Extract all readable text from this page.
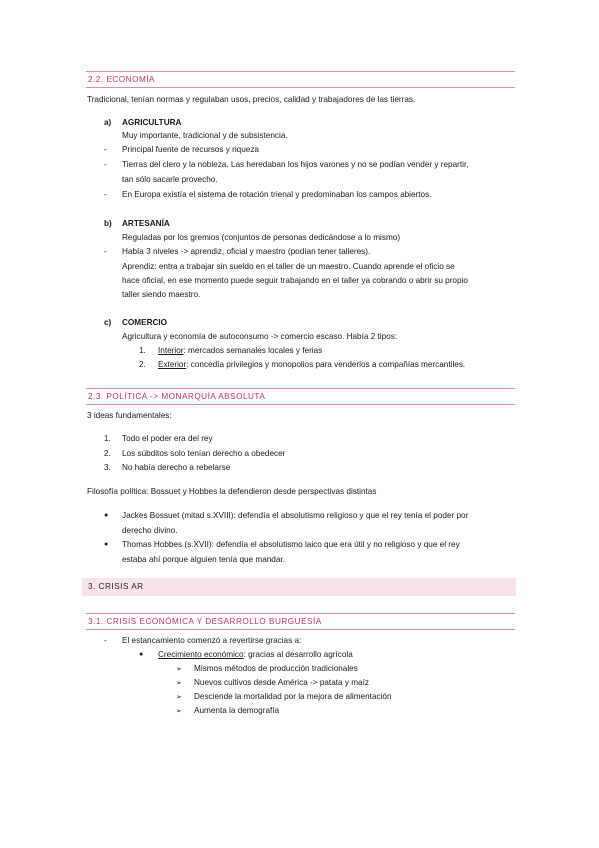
2.2. ECONOMÍA
Tradicional, tenían normas y regulaban usos, precios, calidad y trabajadores de las tierras.
a) AGRICULTURA
Muy importante, tradicional y de subsistencia.
- Principal fuente de recursos y riqueza
- Tierras del clero y la nobleza. Las heredaban los hijos varones y no se podían vender y repartir,
tan sólo sacarle provecho.
- En Europa existía el sistema de rotación trienal y predominaban los campos abiertos.
b) ARTESANÍA
Reguladas por los gremios (conjuntos de personas dedicándose a lo mismo)
- Había 3 niveles -> aprendiz, oficial y maestro (podían tener talleres).
Aprendiz: entra a trabajar sin sueldo en el taller de un maestro. Cuando aprende el oficio se
hace oficial, en ese momento puede seguir trabajando en el taller ya cobrando o abrir su propio
taller siendo maestro.
c) COMERCIO
Agricultura y economía de autoconsumo -> comercio escaso. Había 2 tipos:
1. Interior: mercados semanales locales y ferias
2. Exterior: concedía privilegios y monopolios para venderlos a compañías mercantiles.
2.3. POLÍTICA -> MONARQUÍA ABSOLUTA
3 ideas fundamentales:
1. Todo el poder era del rey
2. Los súbditos solo tenían derecho a obedecer
3. No había derecho a rebelarse
Filosofía política: Bossuet y Hobbes la defendieron desde perspectivas distintas
● Jackes Bossuet (mitad s.XVIII): defendía el absolutismo religioso y que el rey tenía el poder por
derecho divino.
● Thomas Hobbes (s.XVII): defendía el absolutismo laico que era útil y no religioso y que el rey
estaba ahí porque alguien tenía que mandar.
3. CRISIS AR
3.1. CRISIS ECONÓMICA Y DESARROLLO BURGUESÍA
- El estancamiento comenzó a revertirse gracias a:
● Crecimiento económico: gracias al desarrollo agrícola
➢ Mismos métodos de producción tradicionales
➢ Nuevos cultivos desde América -> patata y maíz
➢ Desciende la mortalidad por la mejora de alimentación
➢ Aumenta la demografía
